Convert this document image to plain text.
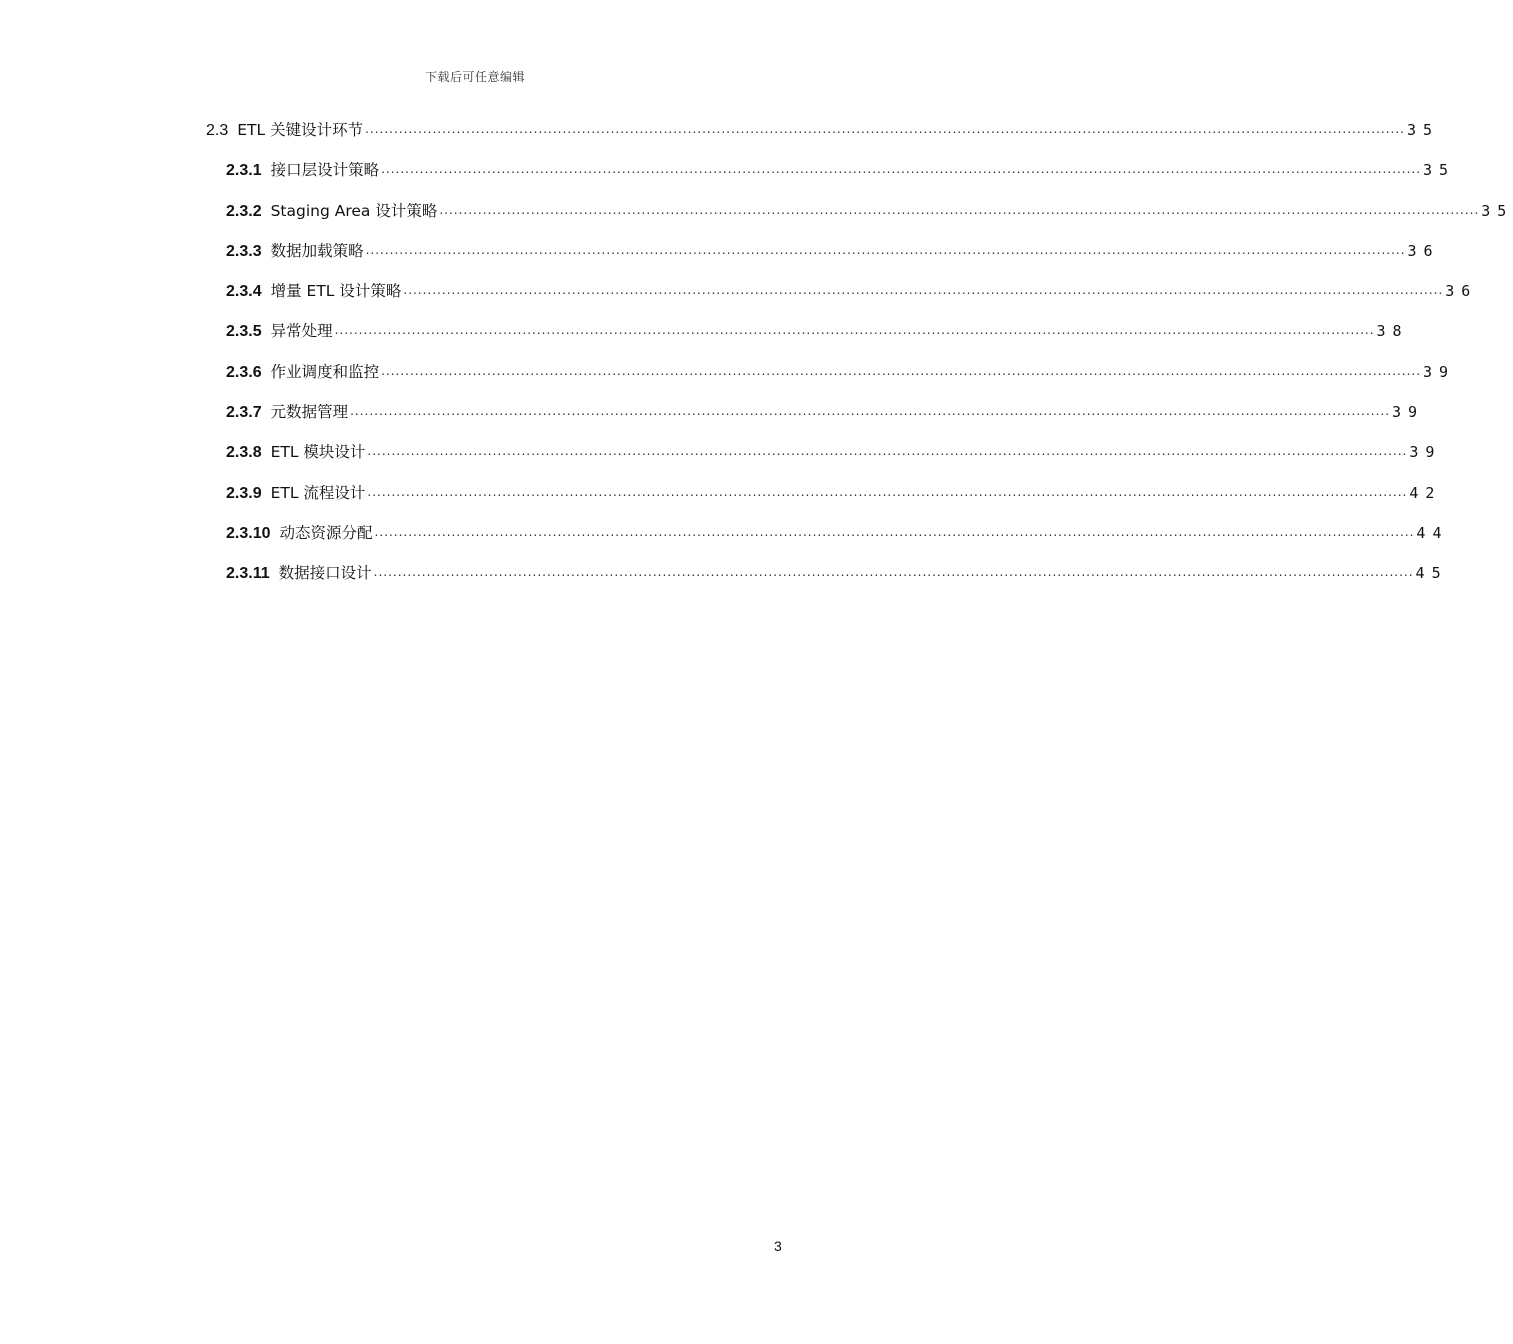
下载后可任意编辑
2.3 ETL 关键设计环节 .....	35
2.3.1 接口层设计策略 .....	35
2.3.2 Staging Area 设计策略 .....	35
2.3.3 数据加载策略 .....	36
2.3.4 增量 ETL 设计策略 .....	36
2.3.5 异常处理 .....	38
2.3.6 作业调度和监控 .....	39
2.3.7 元数据管理 .....	39
2.3.8 ETL 模块设计 .....	39
2.3.9 ETL 流程设计 .....	42
2.3.10 动态资源分配 .....	44
2.3.11 数据接口设计 .....	45
3
